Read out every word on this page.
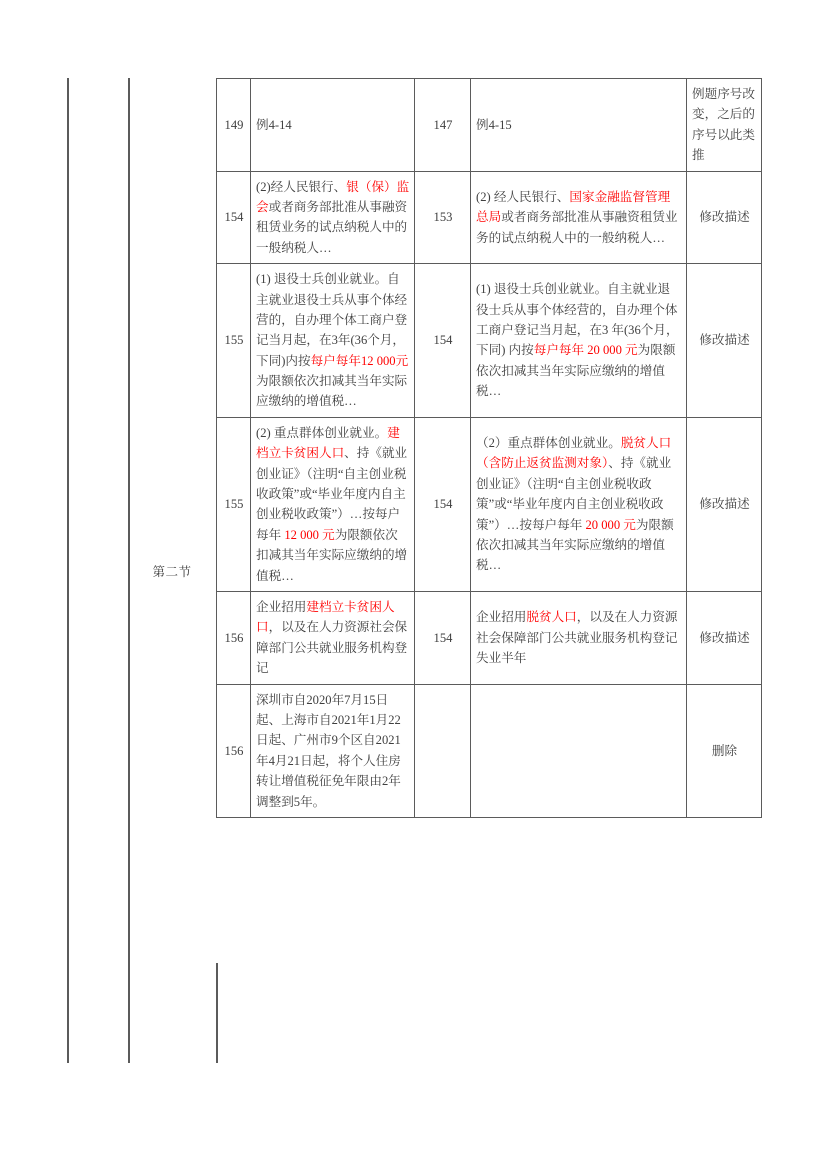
第二节
149	例4-14	147	例4-15	例题序号改变，之后的序号以此类推
154	(2)经人民银行、银（保）监会或者商务部批准从事融资租赁业务的试点纳税人中的一般纳税人…	153	(2) 经人民银行、国家金融监督管理总局或者商务部批准从事融资租赁业务的试点纳税人中的一般纳税人…	修改描述
155	(1) 退役士兵创业就业。自主就业退役士兵从事个体经营的，自办理个体工商户登记当月起，在3年(36个月，下同)内按每户每年12 000元为限额依次扣减其当年实际应缴纳的增值税…	154	(1) 退役士兵创业就业。自主就业退役士兵从事个体经营的，自办理个体工商户登记当月起，在3 年(36个月，下同) 内按每户每年 20 000 元为限额依次扣减其当年实际应缴纳的增值税…	修改描述
155	(2) 重点群体创业就业。建档立卡贫困人口、持《就业创业证》（注明“自主创业税收政策”或“毕业年度内自主创业税收政策”）…按每户每年 12 000 元为限额依次扣减其当年实际应缴纳的增值税…	154	（2）重点群体创业就业。脱贫人口（含防止返贫监测对象）、持《就业创业证》（注明“自主创业税收政策”或“毕业年度内自主创业税收政策”）…按每户每年 20 000 元为限额依次扣减其当年实际应缴纳的增值税…	修改描述
156	企业招用建档立卡贫困人口，以及在人力资源社会保障部门公共就业服务机构登记	154	企业招用脱贫人口，以及在人力资源社会保障部门公共就业服务机构登记失业半年	修改描述
156	深圳市自2020年7月15日起、上海市自2021年1月22日起、广州市9个区自2021年4月21日起，将个人住房转让增值税征免年限由2年调整到5年。			删除
